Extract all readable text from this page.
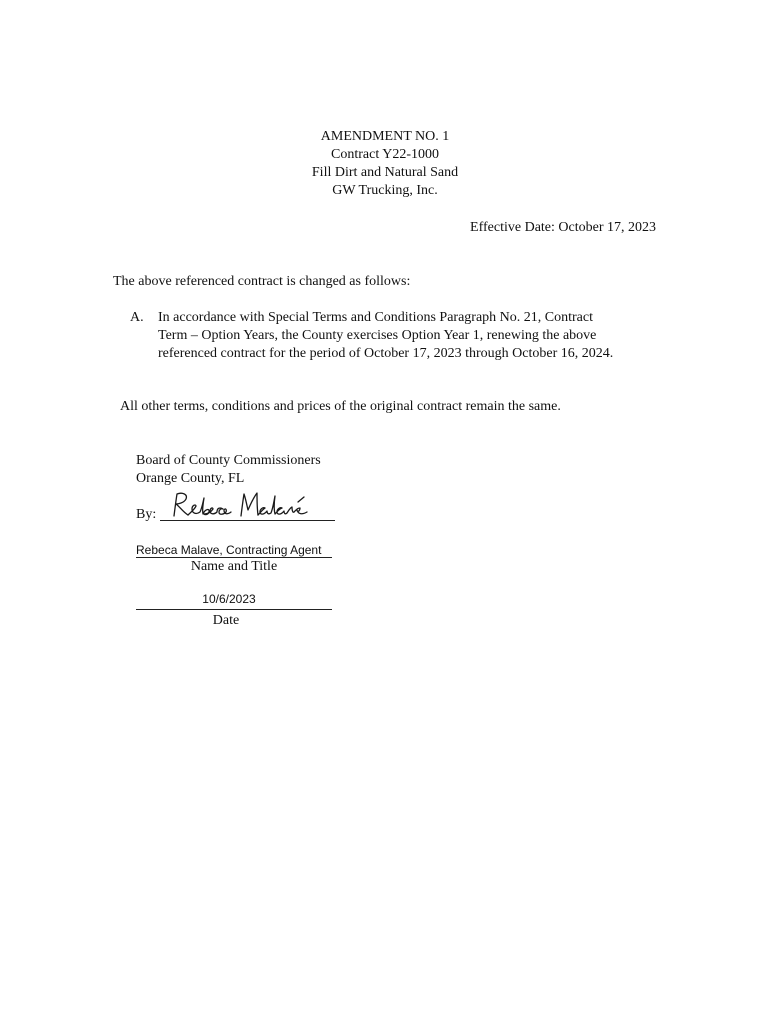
AMENDMENT NO. 1
Contract Y22-1000
Fill Dirt and Natural Sand
GW Trucking, Inc.
Effective Date: October 17, 2023
The above referenced contract is changed as follows:
A. In accordance with Special Terms and Conditions Paragraph No. 21, Contract
Term – Option Years, the County exercises Option Year 1, renewing the above
referenced contract for the period of October 17, 2023 through October 16, 2024.
All other terms, conditions and prices of the original contract remain the same.
Board of County Commissioners
Orange County, FL
By:
Rebeca Malave, Contracting Agent
Name and Title
10/6/2023
Date
